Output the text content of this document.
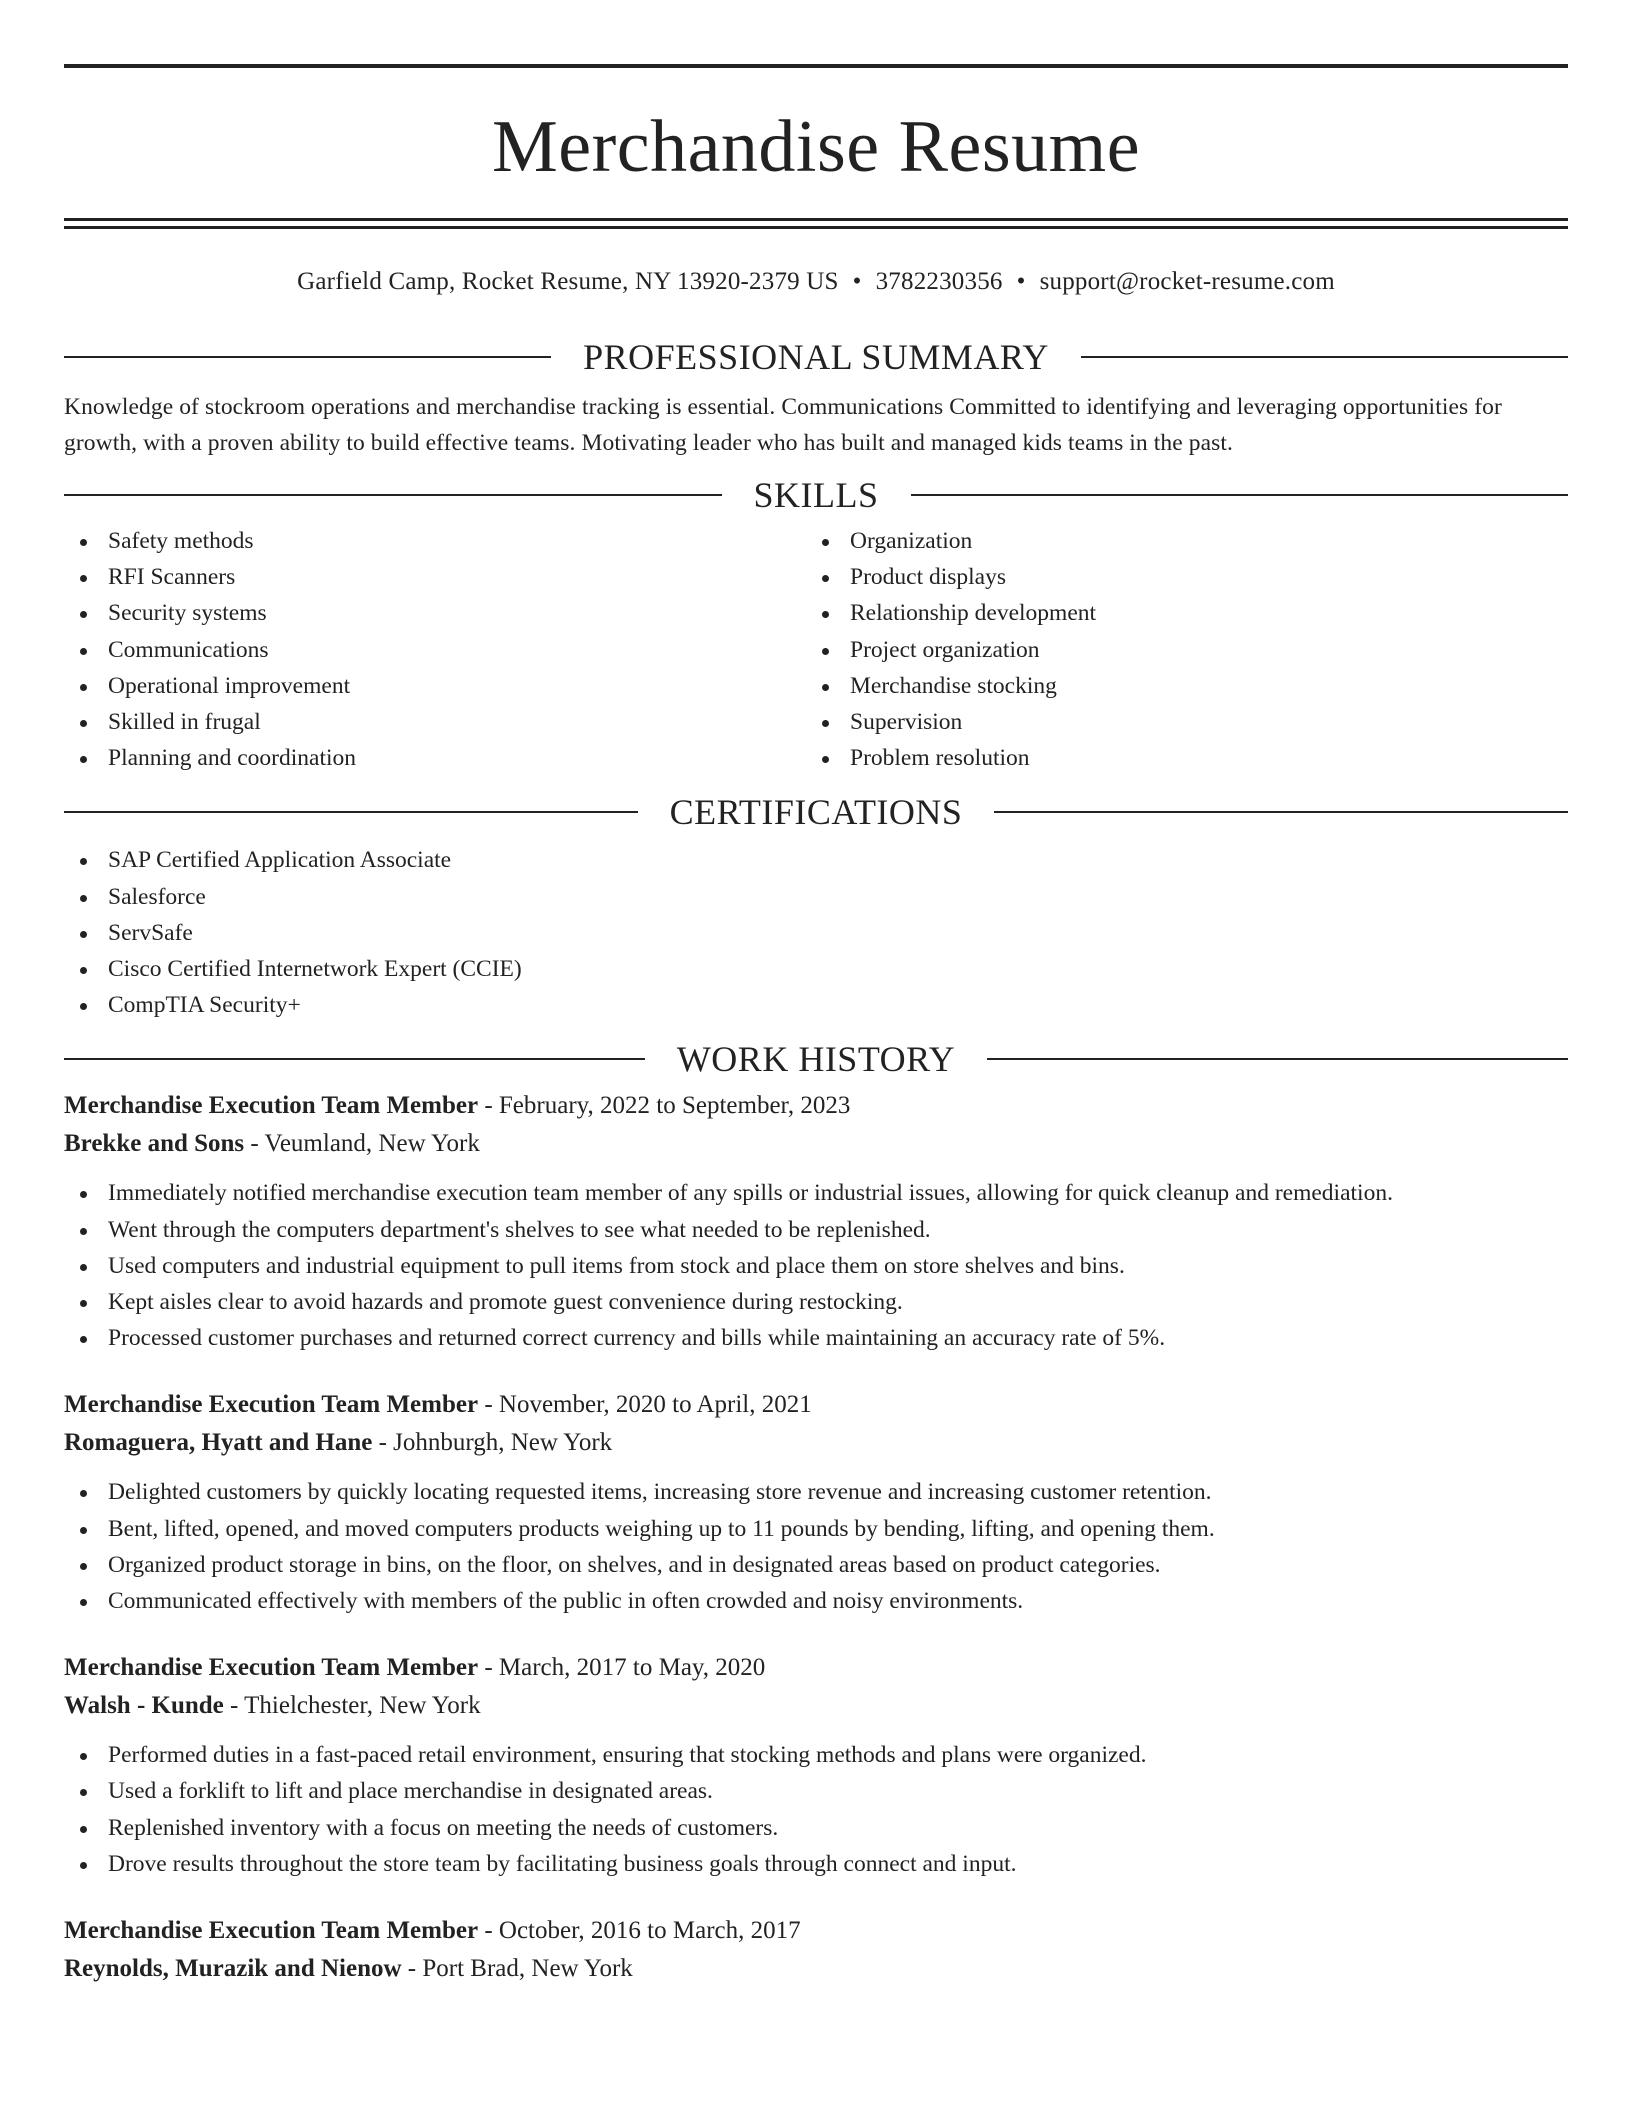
Merchandise Resume
Garfield Camp, Rocket Resume, NY 13920-2379 US • 3782230356 • support@rocket-resume.com
PROFESSIONAL SUMMARY
Knowledge of stockroom operations and merchandise tracking is essential. Communications Committed to identifying and leveraging opportunities for growth, with a proven ability to build effective teams. Motivating leader who has built and managed kids teams in the past.
SKILLS
Safety methods
RFI Scanners
Security systems
Communications
Operational improvement
Skilled in frugal
Planning and coordination
Organization
Product displays
Relationship development
Project organization
Merchandise stocking
Supervision
Problem resolution
CERTIFICATIONS
SAP Certified Application Associate
Salesforce
ServSafe
Cisco Certified Internetwork Expert (CCIE)
CompTIA Security+
WORK HISTORY
Merchandise Execution Team Member - February, 2022 to September, 2023
Brekke and Sons - Veumland, New York
Immediately notified merchandise execution team member of any spills or industrial issues, allowing for quick cleanup and remediation.
Went through the computers department's shelves to see what needed to be replenished.
Used computers and industrial equipment to pull items from stock and place them on store shelves and bins.
Kept aisles clear to avoid hazards and promote guest convenience during restocking.
Processed customer purchases and returned correct currency and bills while maintaining an accuracy rate of 5%.
Merchandise Execution Team Member - November, 2020 to April, 2021
Romaguera, Hyatt and Hane - Johnburgh, New York
Delighted customers by quickly locating requested items, increasing store revenue and increasing customer retention.
Bent, lifted, opened, and moved computers products weighing up to 11 pounds by bending, lifting, and opening them.
Organized product storage in bins, on the floor, on shelves, and in designated areas based on product categories.
Communicated effectively with members of the public in often crowded and noisy environments.
Merchandise Execution Team Member - March, 2017 to May, 2020
Walsh - Kunde - Thielchester, New York
Performed duties in a fast-paced retail environment, ensuring that stocking methods and plans were organized.
Used a forklift to lift and place merchandise in designated areas.
Replenished inventory with a focus on meeting the needs of customers.
Drove results throughout the store team by facilitating business goals through connect and input.
Merchandise Execution Team Member - October, 2016 to March, 2017
Reynolds, Murazik and Nienow - Port Brad, New York
